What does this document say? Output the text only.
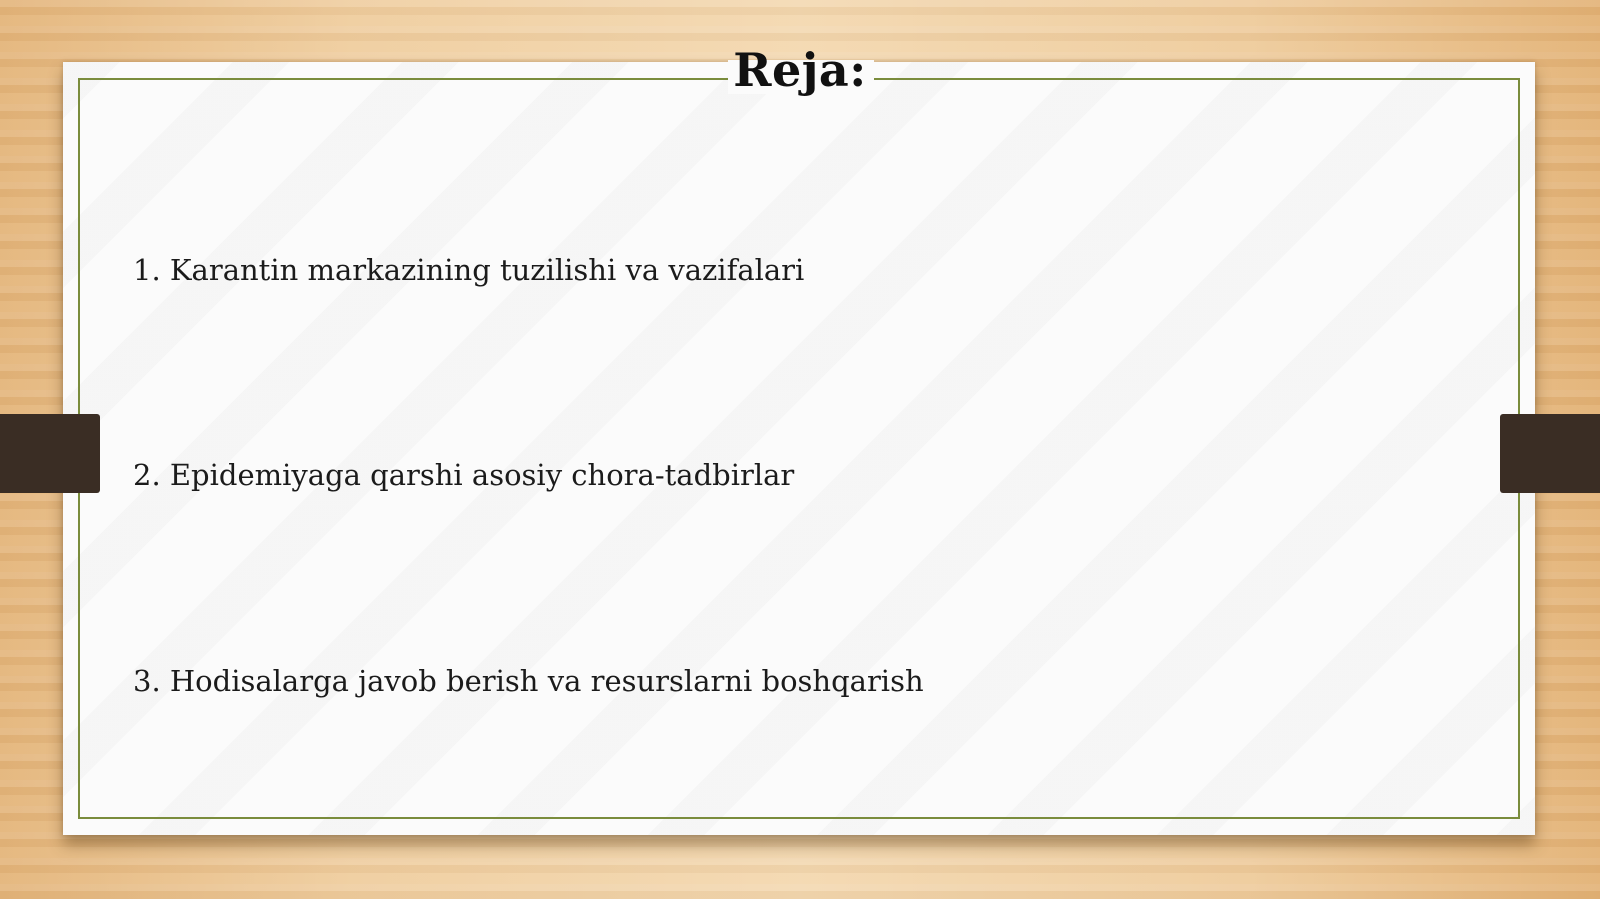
Reja:
1. Karantin markazining tuzilishi va vazifalari
2. Epidemiyaga qarshi asosiy chora-tadbirlar
3. Hodisalarga javob berish va resurslarni boshqarish
